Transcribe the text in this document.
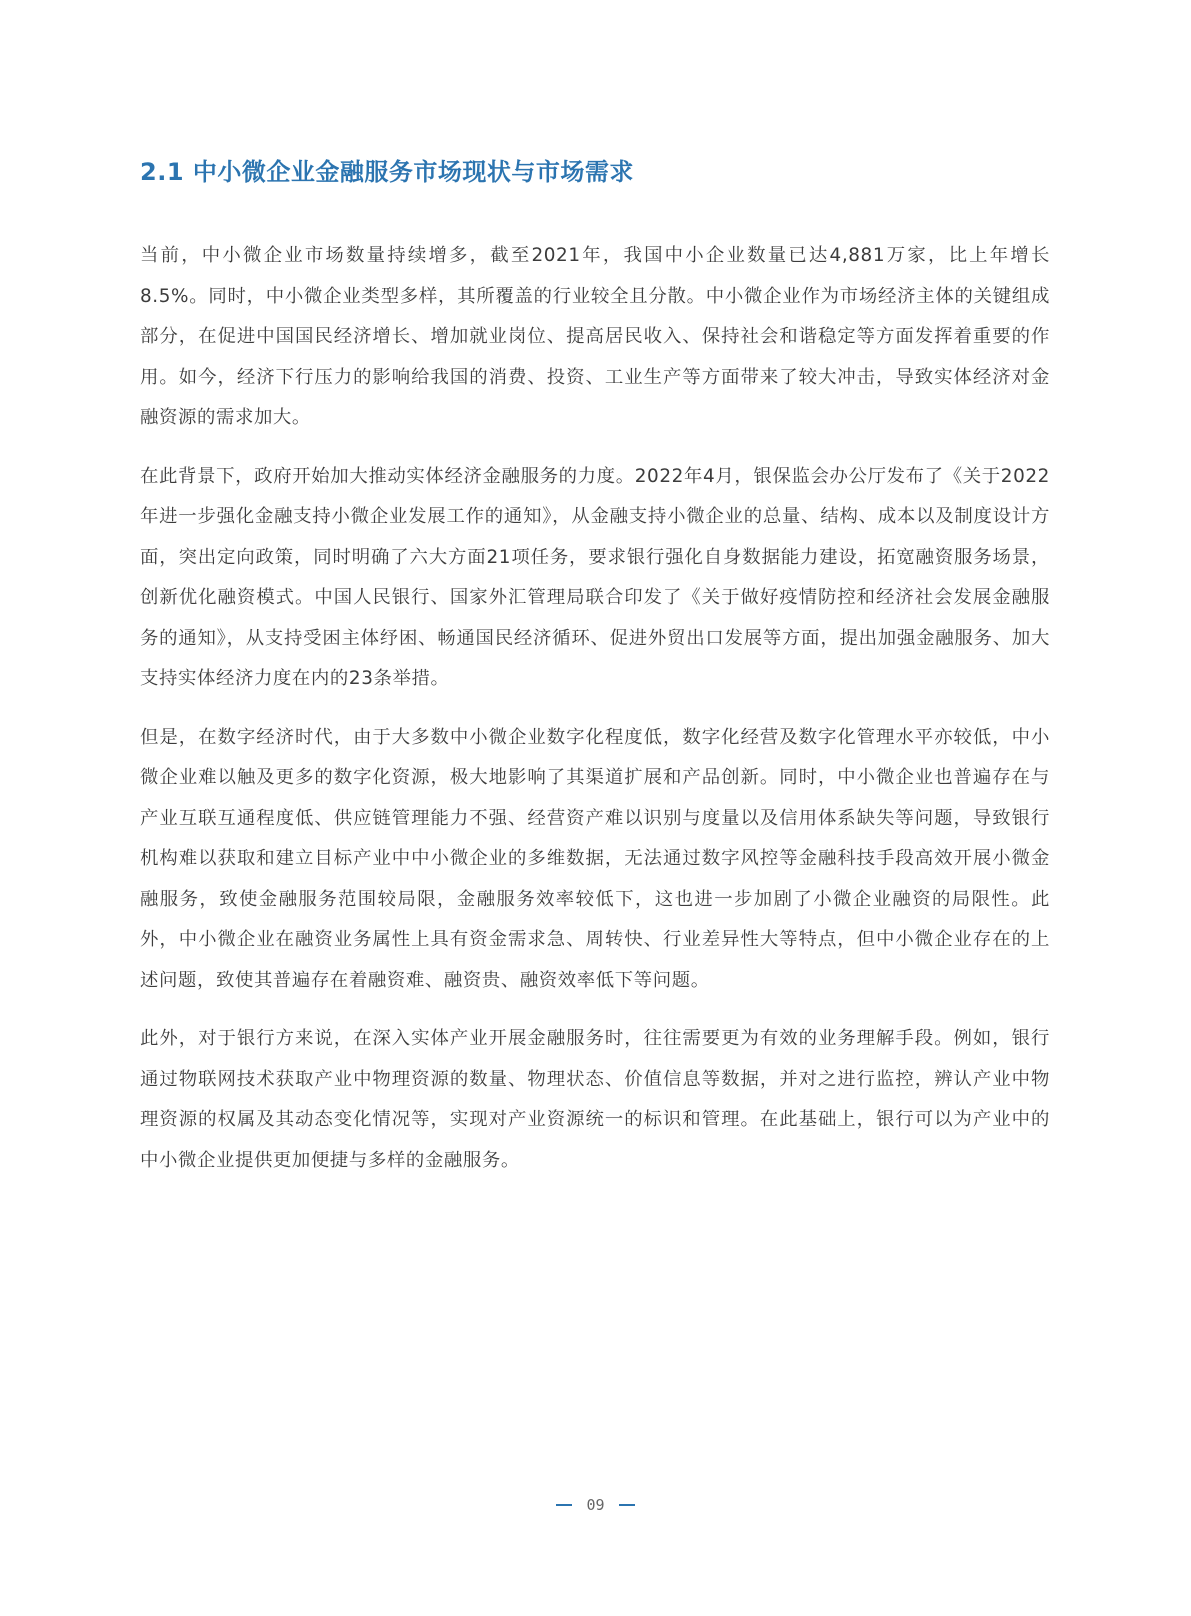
2.1 中小微企业金融服务市场现状与市场需求

当前，中小微企业市场数量持续增多，截至2021年，我国中小企业数量已达4,881万家，比上年增长8.5%。同时，中小微企业类型多样，其所覆盖的行业较全且分散。中小微企业作为市场经济主体的关键组成部分，在促进中国国民经济增长、增加就业岗位、提高居民收入、保持社会和谐稳定等方面发挥着重要的作用。如今，经济下行压力的影响给我国的消费、投资、工业生产等方面带来了较大冲击，导致实体经济对金融资源的需求加大。

在此背景下，政府开始加大推动实体经济金融服务的力度。2022年4月，银保监会办公厅发布了《关于2022年进一步强化金融支持小微企业发展工作的通知》，从金融支持小微企业的总量、结构、成本以及制度设计方面，突出定向政策，同时明确了六大方面21项任务，要求银行强化自身数据能力建设，拓宽融资服务场景，创新优化融资模式。中国人民银行、国家外汇管理局联合印发了《关于做好疫情防控和经济社会发展金融服务的通知》，从支持受困主体纾困、畅通国民经济循环、促进外贸出口发展等方面，提出加强金融服务、加大支持实体经济力度在内的23条举措。

但是，在数字经济时代，由于大多数中小微企业数字化程度低，数字化经营及数字化管理水平亦较低，中小微企业难以触及更多的数字化资源，极大地影响了其渠道扩展和产品创新。同时，中小微企业也普遍存在与产业互联互通程度低、供应链管理能力不强、经营资产难以识别与度量以及信用体系缺失等问题，导致银行机构难以获取和建立目标产业中中小微企业的多维数据，无法通过数字风控等金融科技手段高效开展小微金融服务，致使金融服务范围较局限，金融服务效率较低下，这也进一步加剧了小微企业融资的局限性。此外，中小微企业在融资业务属性上具有资金需求急、周转快、行业差异性大等特点，但中小微企业存在的上述问题，致使其普遍存在着融资难、融资贵、融资效率低下等问题。

此外，对于银行方来说，在深入实体产业开展金融服务时，往往需要更为有效的业务理解手段。例如，银行通过物联网技术获取产业中物理资源的数量、物理状态、价值信息等数据，并对之进行监控，辨认产业中物理资源的权属及其动态变化情况等，实现对产业资源统一的标识和管理。在此基础上，银行可以为产业中的中小微企业提供更加便捷与多样的金融服务。

09
